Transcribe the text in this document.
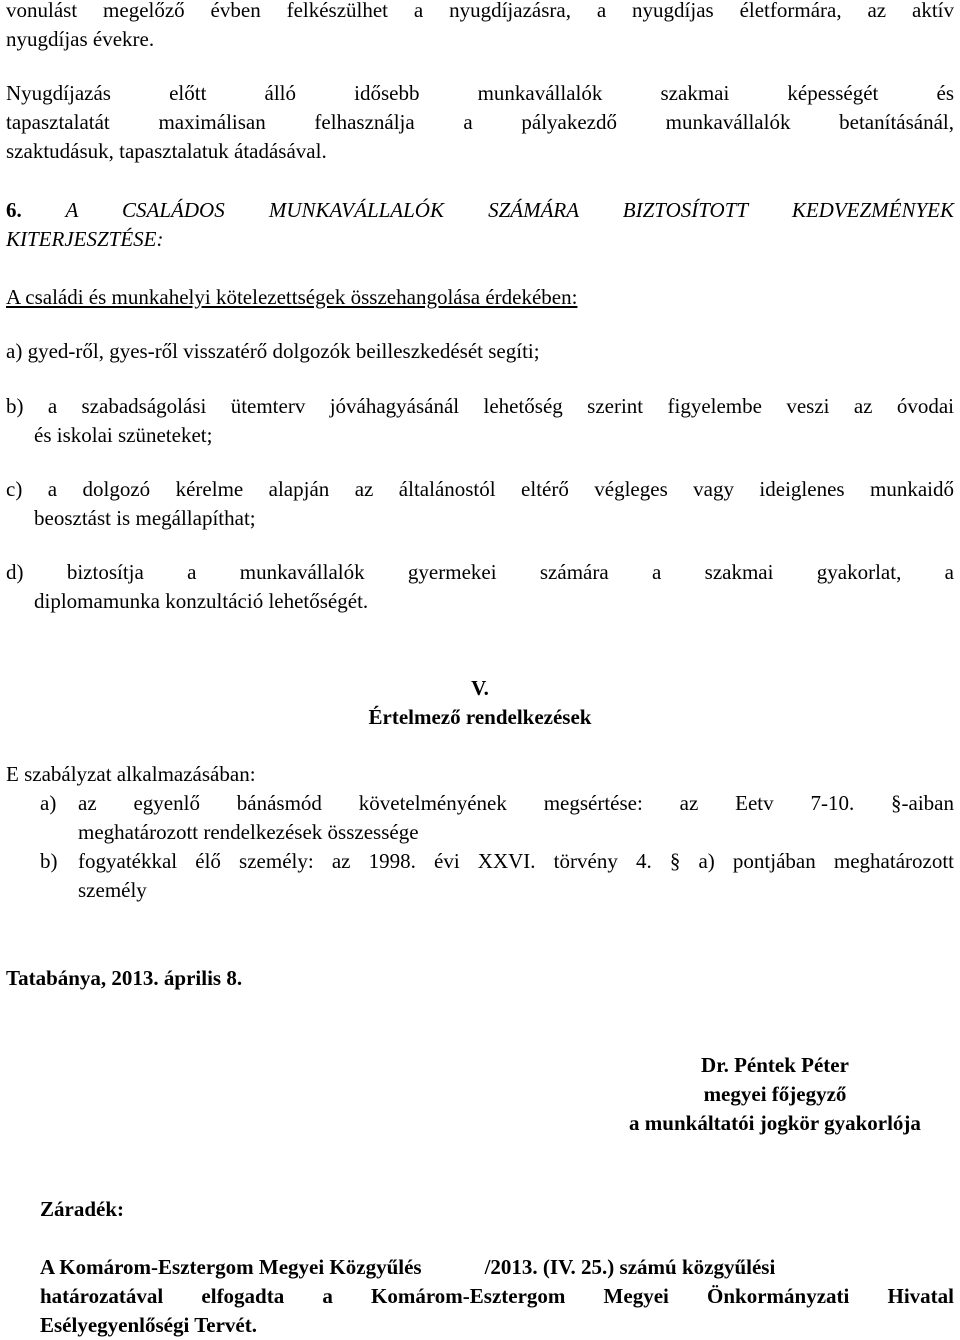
vonulást megelőző évben felkészülhet a nyugdíjazásra, a nyugdíjas életformára, az aktív
nyugdíjas évekre.

Nyugdíjazás előtt álló idősebb munkavállalók szakmai képességét és
tapasztalatát maximálisan felhasználja a pályakezdő munkavállalók betanításánál,
szaktudásuk, tapasztalatuk átadásával.

6. A CSALÁDOS MUNKAVÁLLALÓK SZÁMÁRA BIZTOSÍTOTT KEDVEZMÉNYEK
KITERJESZTÉSE:

A családi és munkahelyi kötelezettségek összehangolása érdekében:

a) gyed-ről, gyes-ről visszatérő dolgozók beilleszkedését segíti;

b) a szabadságolási ütemterv jóváhagyásánál lehetőség szerint figyelembe veszi az óvodai
és iskolai szüneteket;

c) a dolgozó kérelme alapján az általánostól eltérő végleges vagy ideiglenes munkaidő
beosztást is megállapíthat;

d) biztosítja a munkavállalók gyermekei számára a szakmai gyakorlat, a
diplomamunka konzultáció lehetőségét.

V.
Értelmező rendelkezések

E szabályzat alkalmazásában:

a) az egyenlő bánásmód követelményének megsértése: az Eetv 7-10. §-aiban
meghatározott rendelkezések összessége
b) fogyatékkal élő személy: az 1998. évi XXVI. törvény 4. § a) pontjában meghatározott
személy

Tatabánya, 2013. április 8.

Dr. Péntek Péter
megyei főjegyző
a munkáltatói jogkör gyakorlója

Záradék:

A Komárom-Esztergom Megyei Közgyűlés            /2013. (IV. 25.) számú közgyűlési
határozatával elfogadta a Komárom-Esztergom Megyei Önkormányzati Hivatal
Esélyegyenlőségi Tervét.
